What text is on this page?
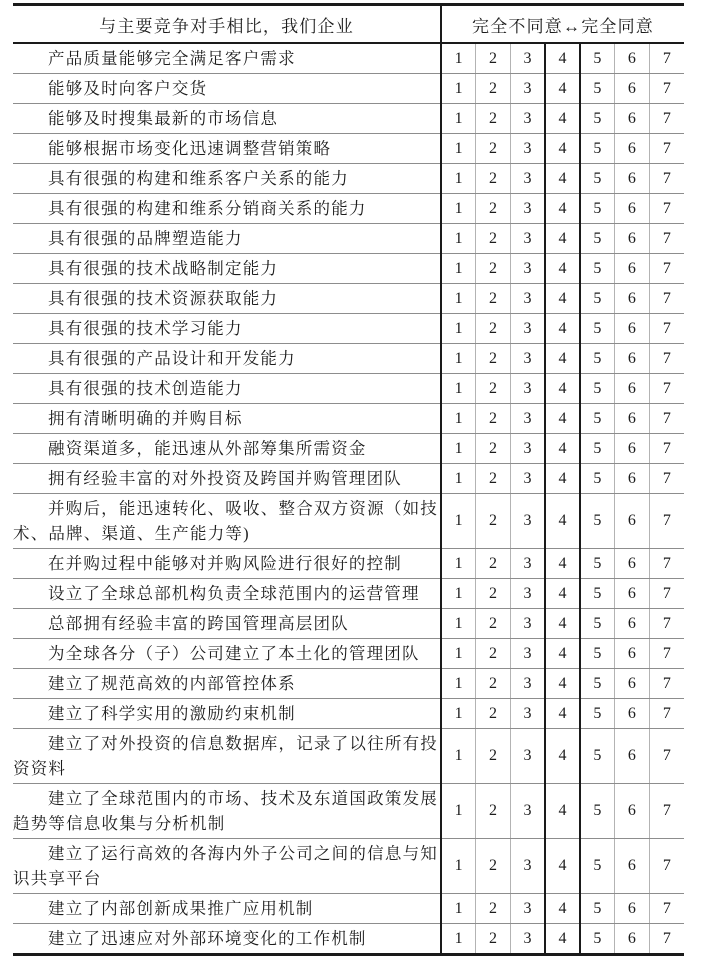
与主要竞争对手相比，我们企业	完全不同意↔完全同意						

产品质量能够完全满足客户需求	1	2	3	4	5	6	7

能够及时向客户交货	1	2	3	4	5	6	7

能够及时搜集最新的市场信息	1	2	3	4	5	6	7

能够根据市场变化迅速调整营销策略	1	2	3	4	5	6	7

具有很强的构建和维系客户关系的能力	1	2	3	4	5	6	7

具有很强的构建和维系分销商关系的能力	1	2	3	4	5	6	7

具有很强的品牌塑造能力	1	2	3	4	5	6	7

具有很强的技术战略制定能力	1	2	3	4	5	6	7

具有很强的技术资源获取能力	1	2	3	4	5	6	7

具有很强的技术学习能力	1	2	3	4	5	6	7

具有很强的产品设计和开发能力	1	2	3	4	5	6	7

具有很强的技术创造能力	1	2	3	4	5	6	7

拥有清晰明确的并购目标	1	2	3	4	5	6	7

融资渠道多，能迅速从外部筹集所需资金	1	2	3	4	5	6	7

拥有经验丰富的对外投资及跨国并购管理团队	1	2	3	4	5	6	7

并购后，能迅速转化、吸收、整合双方资源（如技术、品牌、渠道、生产能力等)	1	2	3	4	5	6	7

在并购过程中能够对并购风险进行很好的控制	1	2	3	4	5	6	7

设立了全球总部机构负责全球范围内的运营管理	1	2	3	4	5	6	7

总部拥有经验丰富的跨国管理高层团队	1	2	3	4	5	6	7

为全球各分（子）公司建立了本土化的管理团队	1	2	3	4	5	6	7

建立了规范高效的内部管控体系	1	2	3	4	5	6	7

建立了科学实用的激励约束机制	1	2	3	4	5	6	7

建立了对外投资的信息数据库，记录了以往所有投资资料	1	2	3	4	5	6	7

建立了全球范围内的市场、技术及东道国政策发展趋势等信息收集与分析机制	1	2	3	4	5	6	7

建立了运行高效的各海内外子公司之间的信息与知识共享平台	1	2	3	4	5	6	7

建立了内部创新成果推广应用机制	1	2	3	4	5	6	7

建立了迅速应对外部环境变化的工作机制	1	2	3	4	5	6	7
